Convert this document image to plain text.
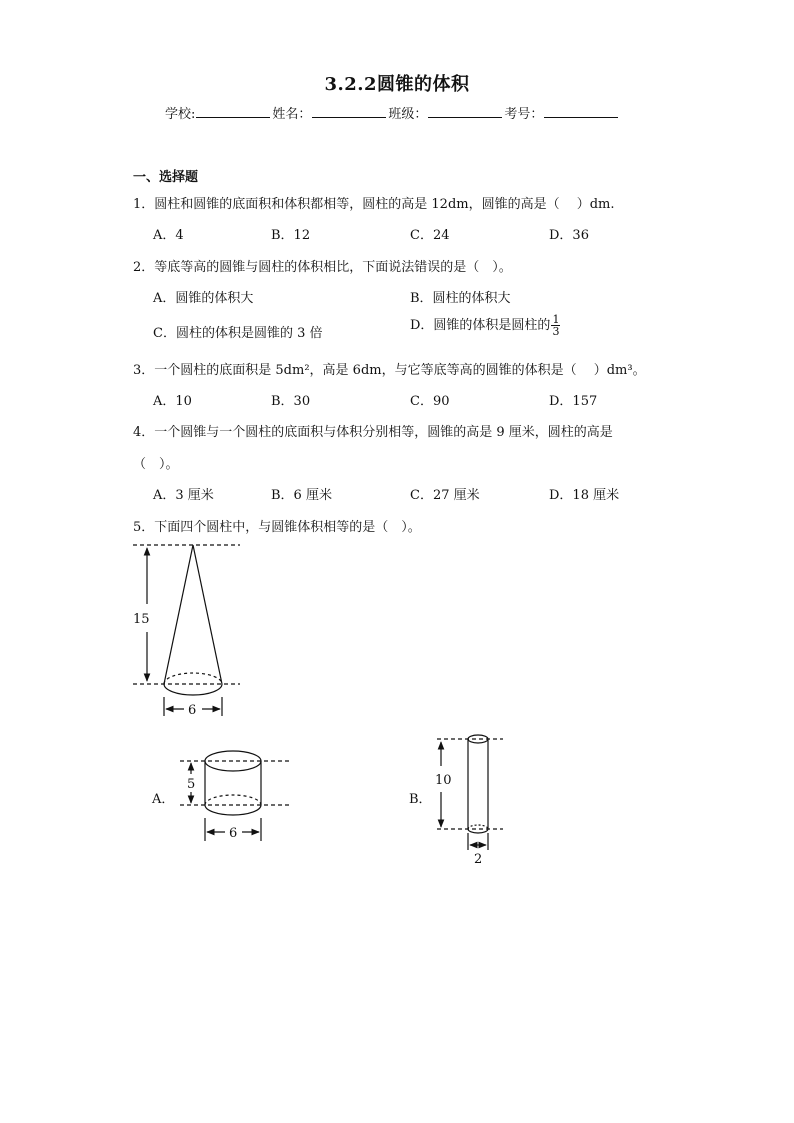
3.2.2圆锥的体积
学校:	姓名：	班级：	考号：
一、选择题
1．圆柱和圆锥的底面积和体积都相等，圆柱的高是 12dm，圆锥的高是（　 ）dm.
A．4	B．12	C．24	D．36
2．等底等高的圆锥与圆柱的体积相比，下面说法错误的是（　）。
A．圆锥的体积大	B．圆柱的体积大
C．圆柱的体积是圆锥的 3 倍
D．圆锥的体积是圆柱的 $\frac{1}{3}$
3．一个圆柱的底面积是 5dm²，高是 6dm，与它等底等高的圆锥的体积是（　 ）dm³。
A．10	B．30	C．90	D．157
4．一个圆锥与一个圆柱的底面积与体积分别相等，圆锥的高是 9 厘米，圆柱的高是
（　）。
A．3 厘米	B．6 厘米	C．27 厘米	D．18 厘米
5．下面四个圆柱中，与圆锥体积相等的是（　）。
15
6
A．
5
6
B．
10
2
